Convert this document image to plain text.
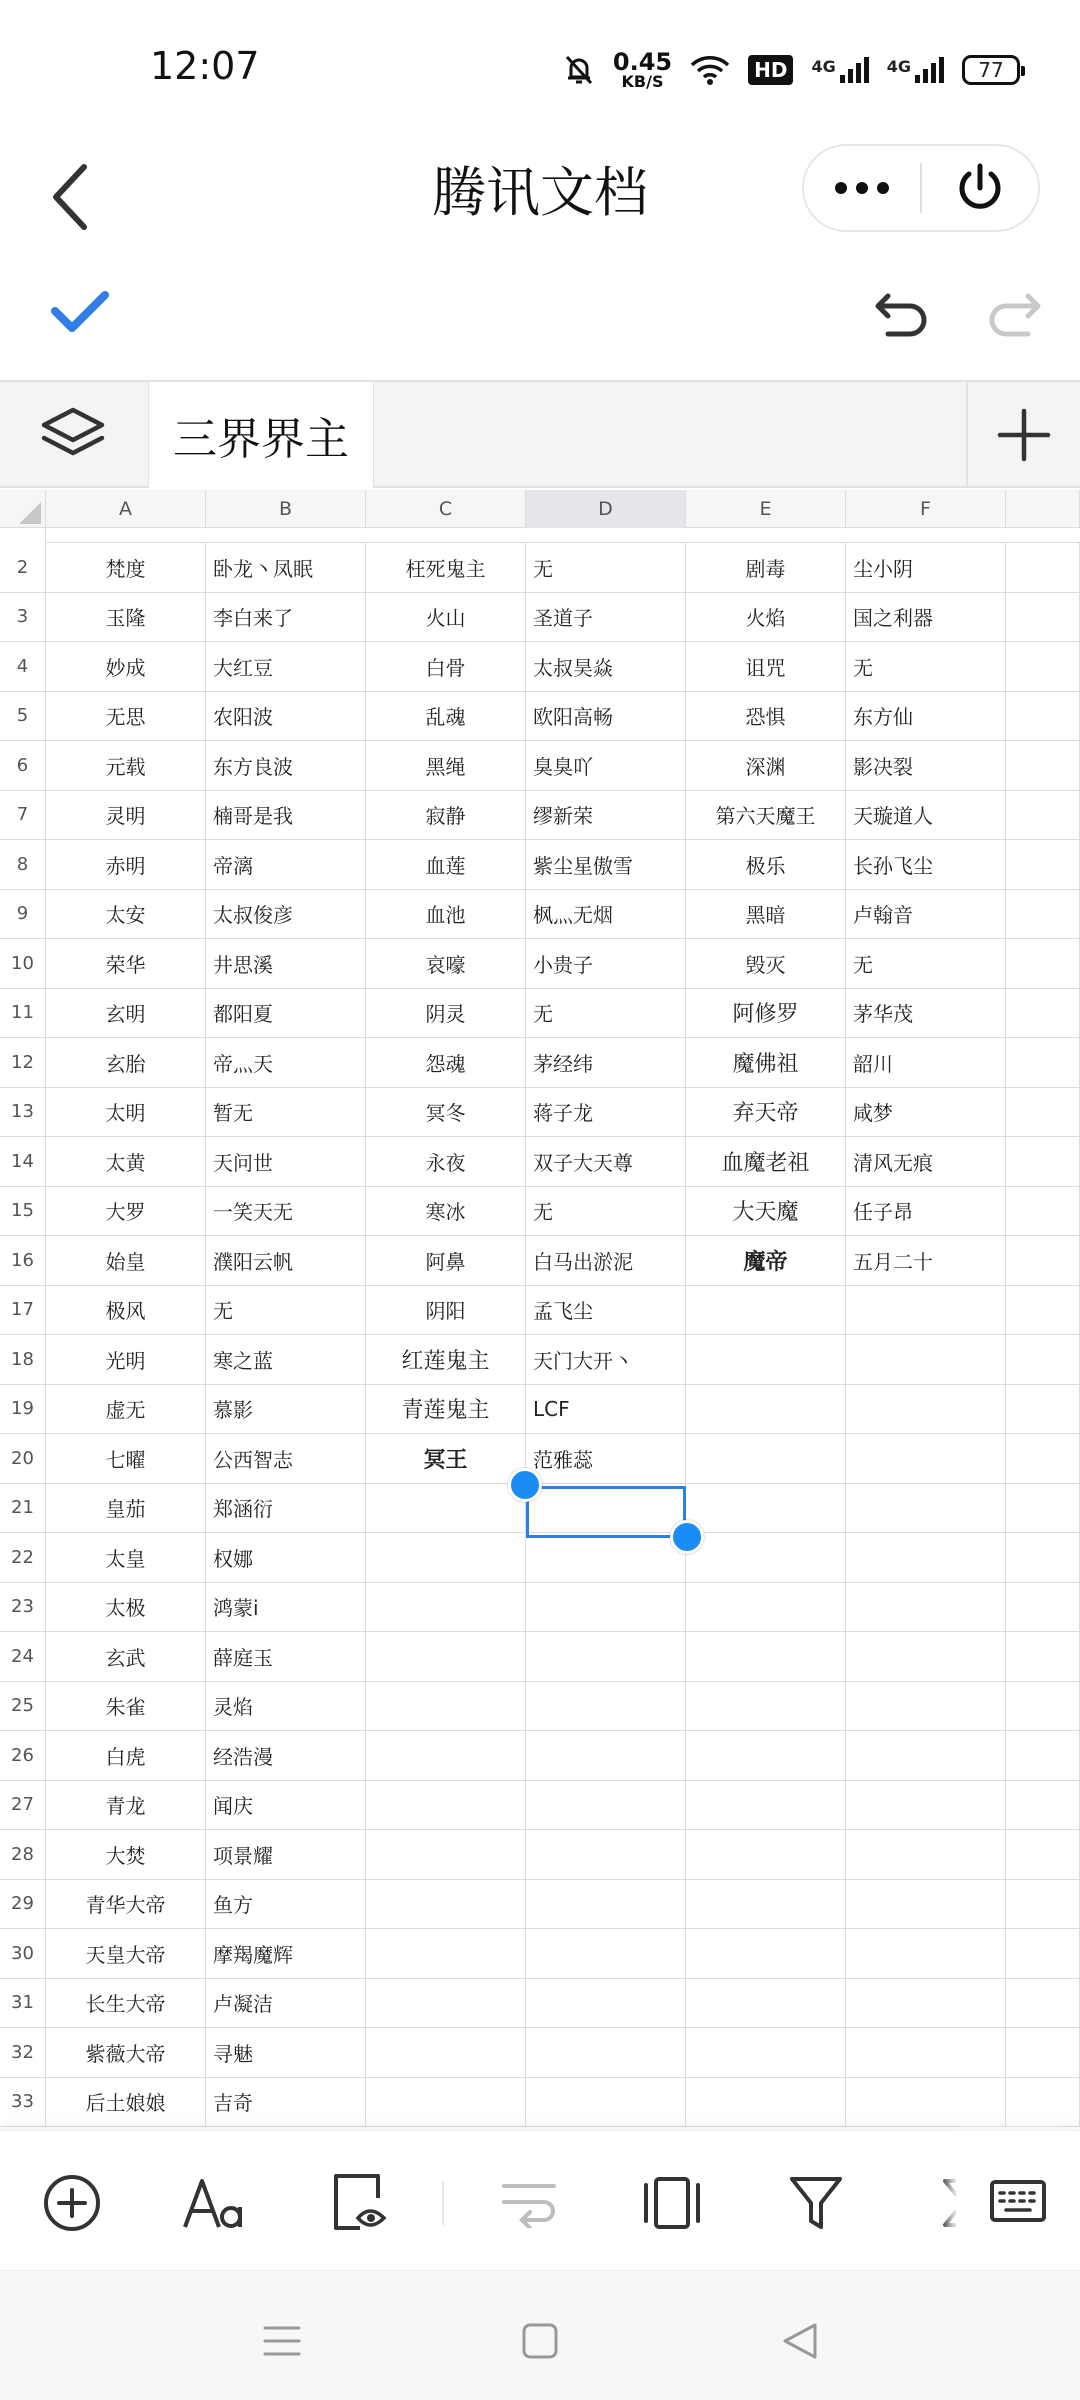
12:07	0.45
KB/S	HD	4G	4G	77
腾讯文档
三界界主
A	B	C	D	E	F
2	梵度	卧龙丶凤眠	枉死鬼主	无	剧毒	尘小阴
3	玉隆	李白来了	火山	圣道子	火焰	国之利器
4	妙成	大红豆	白骨	太叔昊焱	诅咒	无
5	无思	农阳波	乱魂	欧阳高畅	恐惧	东方仙
6	元载	东方良波	黑绳	臭臭吖	深渊	影决裂
7	灵明	楠哥是我	寂静	缪新荣	第六天魔王	天璇道人
8	赤明	帝漓	血莲	紫尘星傲雪	极乐	长孙飞尘
9	太安	太叔俊彦	血池	枫灬无烟	黑暗	卢翰音
10	荣华	井思溪	哀嚎	小贵子	毁灭	无
11	玄明	都阳夏	阴灵	无	阿修罗	茅华茂
12	玄胎	帝灬天	怨魂	茅经纬	魔佛祖	韶川
13	太明	暂无	冥冬	蒋子龙	弃天帝	咸梦
14	太黄	天问世	永夜	双子大天尊	血魔老祖	清风无痕
15	大罗	一笑天无	寒冰	无	大天魔	任子昂
16	始皇	濮阳云帆	阿鼻	白马出淤泥	魔帝	五月二十
17	极风	无	阴阳	孟飞尘
18	光明	寒之蓝	红莲鬼主	天门大开丶
19	虚无	慕影	青莲鬼主	LCF
20	七曜	公西智志	冥王	范雅蕊
21	皇茄	郑涵衍
22	太皇	权娜
23	太极	鸿蒙i
24	玄武	薛庭玉
25	朱雀	灵焰
26	白虎	经浩漫
27	青龙	闻庆
28	大焚	项景耀
29	青华大帝	鱼方
30	天皇大帝	摩羯魔辉
31	长生大帝	卢凝洁
32	紫薇大帝	寻魅
33	后土娘娘	吉奇
